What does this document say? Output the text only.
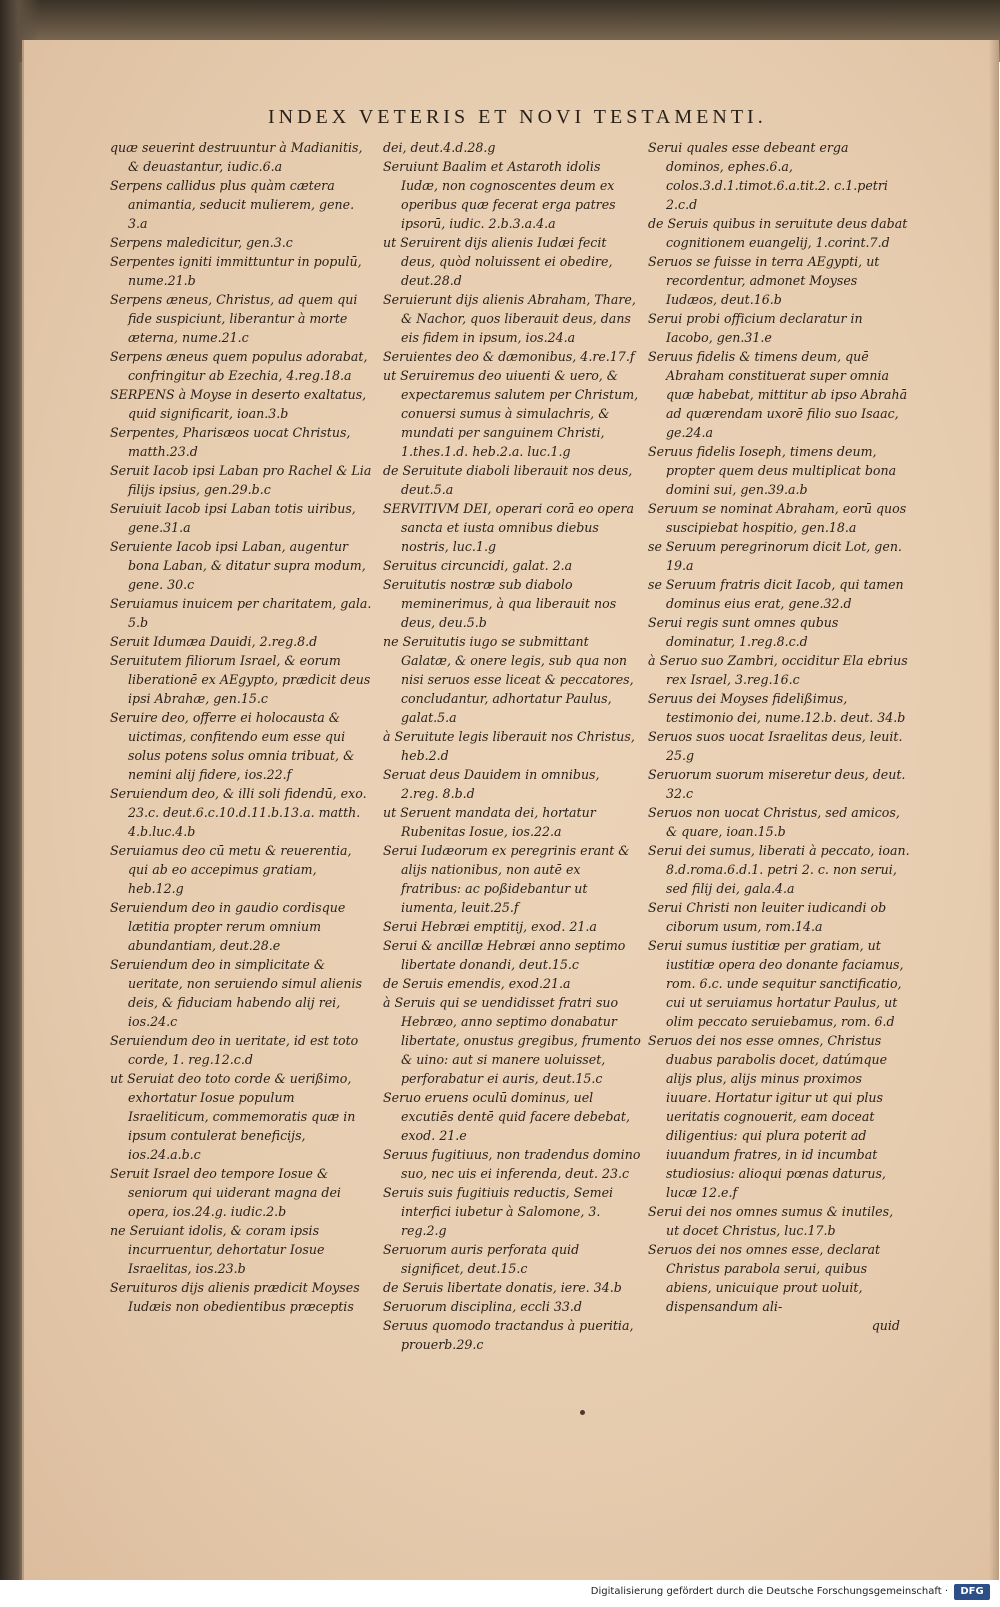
INDEX VETERIS ET NOVI TESTAMENTI.
quæ seuerint destruuntur à Madianitis, & deuastantur, iudic.6.a
Serpens callidus plus quàm cætera animantia, seducit mulierem, gene. 3.a
Serpens maledicitur, gen.3.c
Serpentes igniti immittuntur in populū, nume.21.b
Serpens æneus, Christus, ad quem qui fide suspiciunt, liberantur à morte æterna, nume.21.c
Serpens æneus quem populus adorabat, confringitur ab Ezechia, 4.reg.18.a
SERPENS à Moyse in deserto exaltatus, quid significarit, ioan.3.b
Serpentes, Pharisæos uocat Christus, matth.23.d
Seruit Iacob ipsi Laban pro Rachel & Lia filijs ipsius, gen.29.b.c
Seruiuit Iacob ipsi Laban totis uiribus, gene.31.a
Seruiente Iacob ipsi Laban, augentur bona Laban, & ditatur supra modum, gene. 30.c
Seruiamus inuicem per charitatem, gala. 5.b
Seruit Idumæa Dauidi, 2.reg.8.d
Seruitutem filiorum Israel, & eorum liberationē ex AEgypto, prædicit deus ipsi Abrahæ, gen.15.c
Seruire deo, offerre ei holocausta & uictimas, confitendo eum esse qui solus potens solus omnia tribuat, & nemini alij fidere, ios.22.f
Seruiendum deo, & illi soli fidendū, exo. 23.c. deut.6.c.10.d.11.b.13.a. matth. 4.b.luc.4.b
Seruiamus deo cū metu & reuerentia, qui ab eo accepimus gratiam, heb.12.g
Seruiendum deo in gaudio cordisque lætitia propter rerum omnium abundantiam, deut.28.e
Seruiendum deo in simplicitate & ueritate, non seruiendo simul alienis deis, & fiduciam habendo alij rei, ios.24.c
Seruiendum deo in ueritate, id est toto corde, 1. reg.12.c.d
ut Seruiat deo toto corde & uerißimo, exhortatur Iosue populum Israeliticum, commemoratis quæ in ipsum contulerat beneficijs, ios.24.a.b.c
Seruit Israel deo tempore Iosue & seniorum qui uiderant magna dei opera, ios.24.g. iudic.2.b
ne Seruiant idolis, & coram ipsis incurruentur, dehortatur Iosue Israelitas, ios.23.b
Seruituros dijs alienis prædicit Moyses Iudæis non obedientibus præceptis
dei, deut.4.d.28.g
Seruiunt Baalim et Astaroth idolis Iudæ, non cognoscentes deum ex operibus quæ fecerat erga patres ipsorū, iudic. 2.b.3.a.4.a
ut Seruirent dijs alienis Iudæi fecit deus, quòd noluissent ei obedire, deut.28.d
Seruierunt dijs alienis Abraham, Thare, & Nachor, quos liberauit deus, dans eis fidem in ipsum, ios.24.a
Seruientes deo & dæmonibus, 4.re.17.f
ut Seruiremus deo uiuenti & uero, & expectaremus salutem per Christum, conuersi sumus à simulachris, & mundati per sanguinem Christi, 1.thes.1.d. heb.2.a. luc.1.g
de Seruitute diaboli liberauit nos deus, deut.5.a
SERVITIVM DEI, operari corā eo opera sancta et iusta omnibus diebus nostris, luc.1.g
Seruitus circuncidi, galat. 2.a
Seruitutis nostræ sub diabolo meminerimus, à qua liberauit nos deus, deu.5.b
ne Seruitutis iugo se submittant Galatæ, & onere legis, sub qua non nisi seruos esse liceat & peccatores, concludantur, adhortatur Paulus, galat.5.a
à Seruitute legis liberauit nos Christus, heb.2.d
Seruat deus Dauidem in omnibus, 2.reg. 8.b.d
ut Seruent mandata dei, hortatur Rubenitas Iosue, ios.22.a
Serui Iudæorum ex peregrinis erant & alijs nationibus, non autē ex fratribus: ac poßidebantur ut iumenta, leuit.25.f
Serui Hebræi emptitij, exod. 21.a
Serui & ancillæ Hebræi anno septimo libertate donandi, deut.15.c
de Seruis emendis, exod.21.a
à Seruis qui se uendidisset fratri suo Hebræo, anno septimo donabatur libertate, onustus gregibus, frumento & uino: aut si manere uoluisset, perforabatur ei auris, deut.15.c
Seruo eruens oculū dominus, uel excutiēs dentē quid facere debebat, exod. 21.e
Seruus fugitiuus, non tradendus domino suo, nec uis ei inferenda, deut. 23.c
Seruis suis fugitiuis reductis, Semei interfici iubetur à Salomone, 3. reg.2.g
Seruorum auris perforata quid significet, deut.15.c
de Seruis libertate donatis, iere. 34.b
Seruorum disciplina, eccli 33.d
Seruus quomodo tractandus à pueritia, prouerb.29.c
Serui quales esse debeant erga dominos, ephes.6.a, colos.3.d.1.timot.6.a.tit.2. c.1.petri 2.c.d
de Seruis quibus in seruitute deus dabat cognitionem euangelij, 1.corint.7.d
Seruos se fuisse in terra AEgypti, ut recordentur, admonet Moyses Iudæos, deut.16.b
Serui probi officium declaratur in Iacobo, gen.31.e
Seruus fidelis & timens deum, quē Abraham constituerat super omnia quæ habebat, mittitur ab ipso Abrahā ad quærendam uxorē filio suo Isaac, ge.24.a
Seruus fidelis Ioseph, timens deum, propter quem deus multiplicat bona domini sui, gen.39.a.b
Seruum se nominat Abraham, eorū quos suscipiebat hospitio, gen.18.a
se Seruum peregrinorum dicit Lot, gen. 19.a
se Seruum fratris dicit Iacob, qui tamen dominus eius erat, gene.32.d
Serui regis sunt omnes qubus dominatur, 1.reg.8.c.d
à Seruo suo Zambri, occiditur Ela ebrius rex Israel, 3.reg.16.c
Seruus dei Moyses fidelißimus, testimonio dei, nume.12.b. deut. 34.b
Seruos suos uocat Israelitas deus, leuit. 25.g
Seruorum suorum miseretur deus, deut. 32.c
Seruos non uocat Christus, sed amicos, & quare, ioan.15.b
Serui dei sumus, liberati à peccato, ioan. 8.d.roma.6.d.1. petri 2. c. non serui, sed filij dei, gala.4.a
Serui Christi non leuiter iudicandi ob ciborum usum, rom.14.a
Serui sumus iustitiæ per gratiam, ut iustitiæ opera deo donante faciamus, rom. 6.c. unde sequitur sanctificatio, cui ut seruiamus hortatur Paulus, ut olim peccato seruiebamus, rom. 6.d
Seruos dei nos esse omnes, Christus duabus parabolis docet, datúmque alijs plus, alijs minus proximos iuuare. Hortatur igitur ut qui plus ueritatis cognouerit, eam doceat diligentius: qui plura poterit ad iuuandum fratres, in id incumbat studiosius: alioqui pœnas daturus, lucæ 12.e.f
Serui dei nos omnes sumus & inutiles, ut docet Christus, luc.17.b
Seruos dei nos omnes esse, declarat Christus parabola serui, quibus abiens, unicuique prout uoluit, dispensandum ali-
quid
Digitalisierung gefördert durch die Deutsche Forschungsgemeinschaft ·	DFG
